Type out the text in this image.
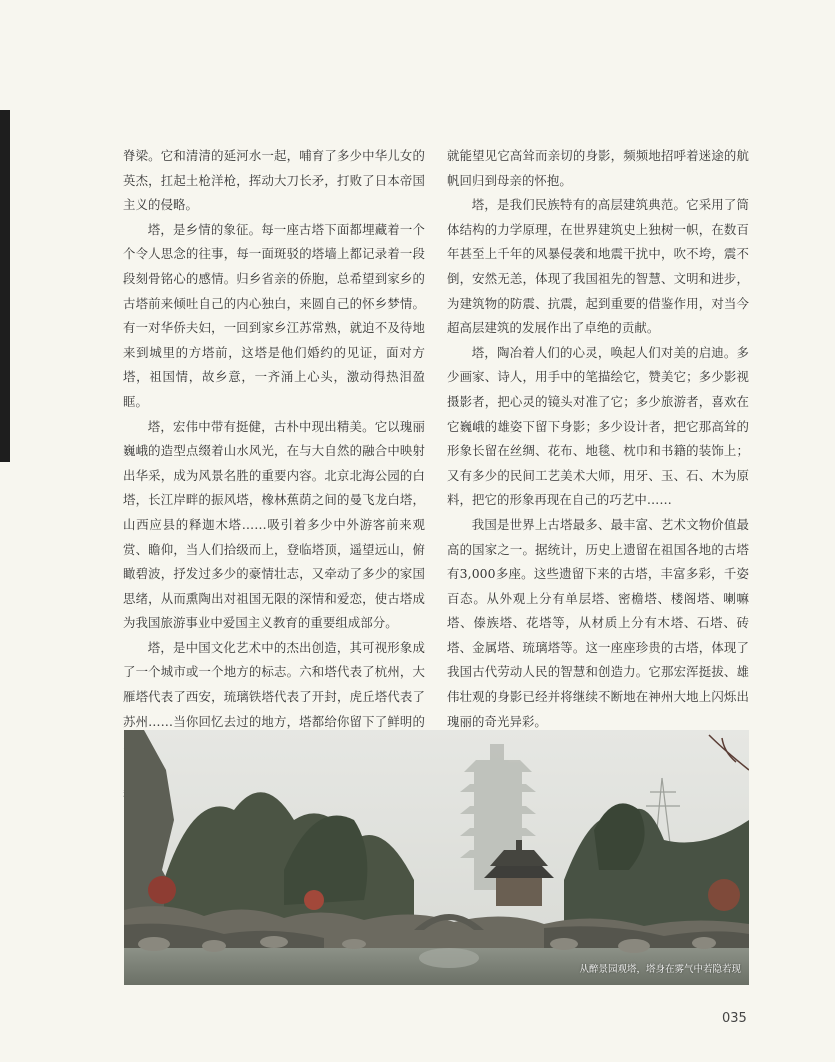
脊梁。它和清清的延河水一起，哺育了多少中华儿女的英杰，扛起土枪洋枪，挥动大刀长矛，打败了日本帝国主义的侵略。

塔，是乡情的象征。每一座古塔下面都埋藏着一个个令人思念的往事，每一面斑驳的塔墙上都记录着一段段刻骨铭心的感情。归乡省亲的侨胞，总希望到家乡的古塔前来倾吐自己的内心独白，来圆自己的怀乡梦情。有一对华侨夫妇，一回到家乡江苏常熟，就迫不及待地来到城里的方塔前，这塔是他们婚约的见证，面对方塔，祖国情，故乡意，一齐涌上心头，激动得热泪盈眶。

塔，宏伟中带有挺健，古朴中现出精美。它以瑰丽巍峨的造型点缀着山水风光，在与大自然的融合中映射出华采，成为风景名胜的重要内容。北京北海公园的白塔，长江岸畔的振风塔，橡林蕉荫之间的曼飞龙白塔，山西应县的释迦木塔……吸引着多少中外游客前来观赏、瞻仰，当人们拾级而上，登临塔顶，遥望远山，俯瞰碧波，抒发过多少的豪情壮志，又牵动了多少的家国思绪，从而熏陶出对祖国无限的深情和爱恋，使古塔成为我国旅游事业中爱国主义教育的重要组成部分。

塔，是中国文化艺术中的杰出创造，其可视形象成了一个城市或一个地方的标志。六和塔代表了杭州，大雁塔代表了西安，琉璃铁塔代表了开封，虎丘塔代表了苏州……当你回忆去过的地方，塔都给你留下了鲜明的

就能望见它高耸而亲切的身影，频频地招呼着迷途的航帆回归到母亲的怀抱。

塔，是我们民族特有的高层建筑典范。它采用了筒体结构的力学原理，在世界建筑史上独树一帜，在数百年甚至上千年的风暴侵袭和地震干扰中，吹不垮，震不倒，安然无恙，体现了我国祖先的智慧、文明和进步，为建筑物的防震、抗震，起到重要的借鉴作用，对当今超高层建筑的发展作出了卓绝的贡献。

塔，陶冶着人们的心灵，唤起人们对美的启迪。多少画家、诗人，用手中的笔描绘它，赞美它；多少影视摄影者，把心灵的镜头对准了它；多少旅游者，喜欢在它巍峨的雄姿下留下身影；多少设计者，把它那高耸的形象长留在丝绸、花布、地毯、枕巾和书籍的装饰上；又有多少的民间工艺美术大师，用牙、玉、石、木为原料，把它的形象再现在自己的巧艺中……

我国是世界上古塔最多、最丰富、艺术文物价值最高的国家之一。据统计，历史上遗留在祖国各地的古塔有3,000多座。这些遗留下来的古塔，丰富多彩，千姿百态。从外观上分有单层塔、密檐塔、楼阁塔、喇嘛塔、傣族塔、花塔等，从材质上分有木塔、石塔、砖塔、金属塔、琉璃塔等。这一座座珍贵的古塔，体现了我国古代劳动人民的智慧和创造力。它那宏浑挺拔、雄伟壮观的身影已经并将继续不断地在神州大地上闪烁出瑰丽的奇光异彩。

从醉景园观塔，塔身在雾气中若隐若现
035
